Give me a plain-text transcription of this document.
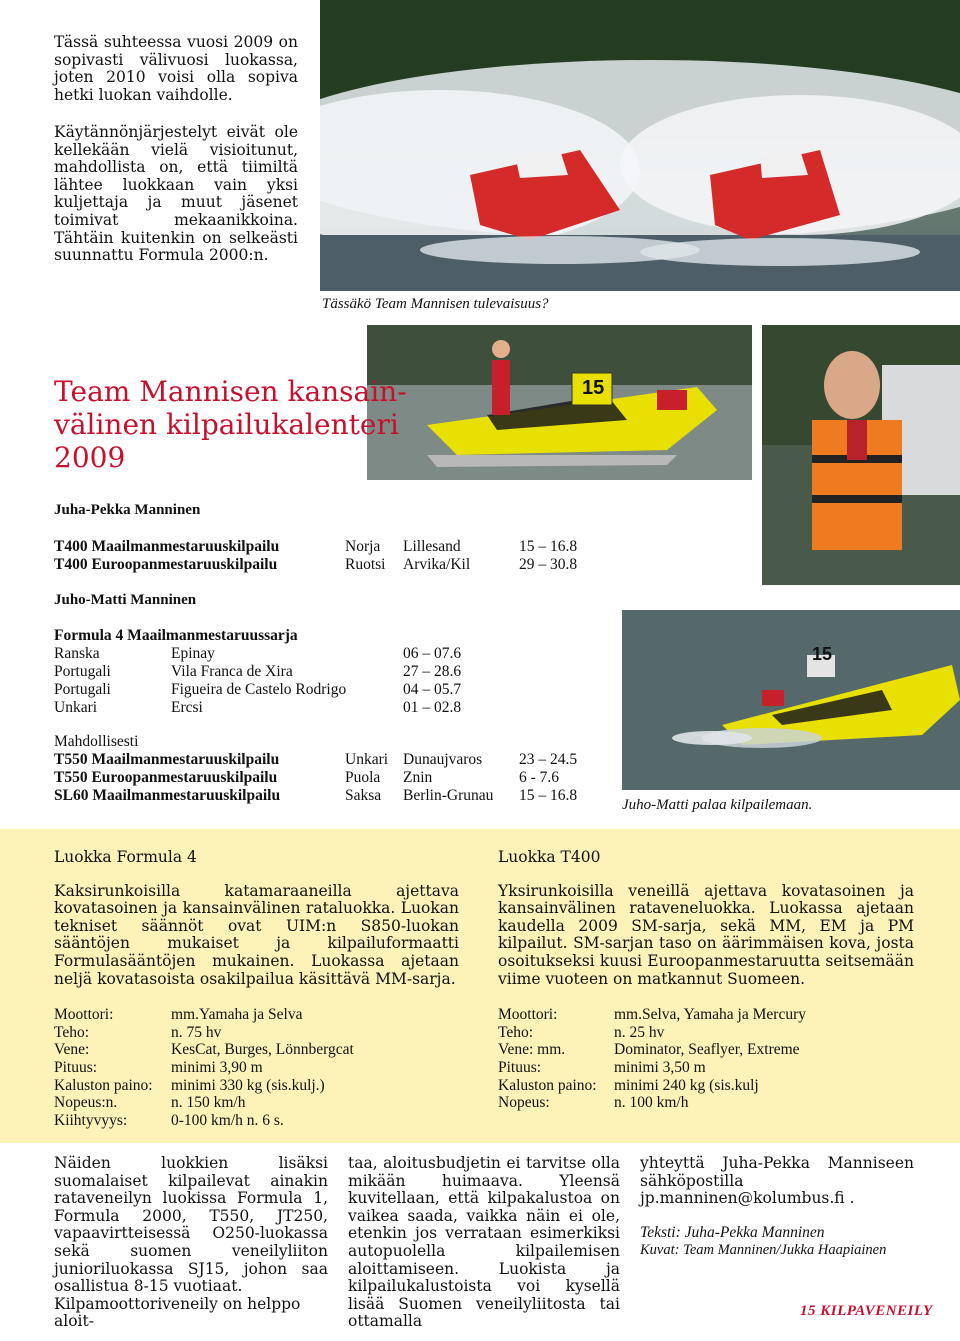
Tässä suhteessa vuosi 2009 on sopivasti välivuosi luokassa, joten 2010 voisi olla sopiva hetki luokan vaihdolle.
Käytännönjärjestelyt eivät ole kellekään vielä visioitunut, mahdollista on, että tiimiltä lähtee luokkaan vain yksi kuljettaja ja muut jäsenet toimivat mekaanikkoina. Tähtäin kuitenkin on selkeästi suunnattu Formula 2000:n.
Tässäkö Team Mannisen tulevaisuus?
15
Team Mannisen kansain-
välinen kilpailukalenteri
2009
Juha-Pekka Manninen
T400 Maailmanmestaruuskilpailu	Norja Lillesand	15 – 16.8
T400 Euroopanmestaruuskilpailu	Ruotsi Arvika/Kil	29 – 30.8
Juho-Matti Manninen
Formula 4 Maailmanmestaruussarja
Ranska	Epinay	06 – 07.6
Portugali	Vila Franca de Xira	27 – 28.6
Portugali	Figueira de Castelo Rodrigo	04 – 05.7
Unkari	Ercsi	01 – 02.8
Mahdollisesti
T550 Maailmanmestaruuskilpailu	Unkari Dunaujvaros 23 – 24.5
T550 Euroopanmestaruuskilpailu	Puola Znin	6 - 7.6
SL60 Maailmanmestaruuskilpailu	Saksa Berlin-Grunau 15 – 16.8
15
Juho-Matti palaa kilpailemaan.
Luokka Formula 4
Kaksirunkoisilla katamaraaneilla ajettava kovatasoinen ja kansainvälinen rataluokka. Luokan tekniset säännöt ovat UIM:n S850-luokan sääntöjen mukaiset ja kilpailuformaatti Formulasääntöjen mukainen. Luokassa ajetaan neljä kovatasoista osakilpailua käsittävä MM-sarja.
Moottori:	mm.Yamaha ja Selva
Teho:	n. 75 hv
Vene:	KesCat, Burges, Lönnbergcat
Pituus:	minimi 3,90 m
Kaluston paino: minimi 330 kg (sis.kulj.)
Nopeus:n.	n. 150 km/h
Kiihtyvyys:	0-100 km/h n. 6 s.
Luokka T400
Yksirunkoisilla veneillä ajettava kovatasoinen ja kansainvälinen rataveneluokka. Luokassa ajetaan kaudella 2009 SM-sarja, sekä MM, EM ja PM kilpailut. SM-sarjan taso on äärimmäisen kova, josta osoitukseksi kuusi Euroopanmestaruutta seitsemään viime vuoteen on matkannut Suomeen.
Moottori:	mm.Selva, Yamaha ja Mercury
Teho:	n. 25 hv
Vene: mm.	Dominator, Seaflyer, Extreme
Pituus:	minimi 3,50 m
Kaluston paino: minimi 240 kg (sis.kulj
Nopeus:	n. 100 km/h
Näiden luokkien lisäksi suomalaiset kilpailevat ainakin rataveneilyn luokissa Formula 1, Formula 2000, T550, JT250, vapaavirtteisessä O250-luokassa sekä suomen veneilyliiton junioriluokassa SJ15, johon saa osallistua 8-15 vuotiaat.
Kilpamoottoriveneily on helppo aloit-
taa, aloitusbudjetin ei tarvitse olla mikään huimaava. Yleensä kuvitellaan, että kilpakalustoa on vaikea saada, vaikka näin ei ole, etenkin jos verrataan esimerkiksi autopuolella kilpailemisen aloittamiseen. Luokista ja kilpailukalustoista voi kysellä lisää Suomen veneilyliitosta tai ottamalla
yhteyttä Juha-Pekka Manniseen sähköpostilla jp.manninen@kolumbus.fi .
Teksti: Juha-Pekka Manninen
Kuvat: Team Manninen/Jukka Haapiainen
15 KILPAVENEILY
